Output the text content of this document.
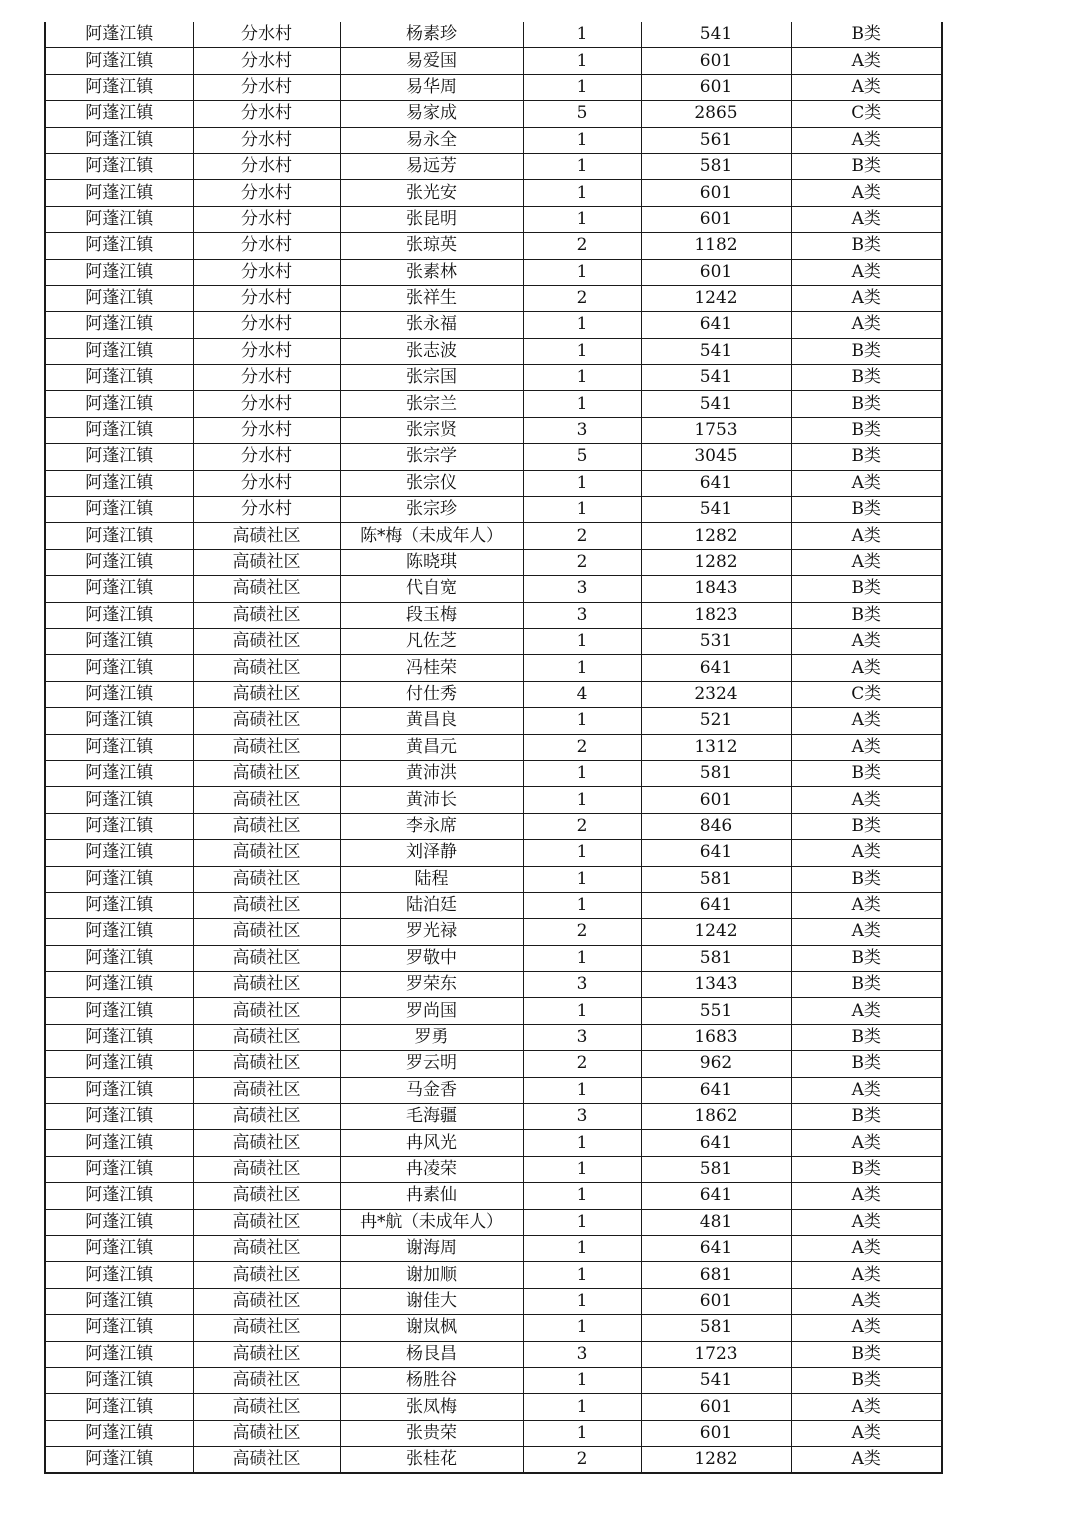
阿蓬江镇	分水村	杨素珍	1	541	B类
阿蓬江镇	分水村	易爱国	1	601	A类
阿蓬江镇	分水村	易华周	1	601	A类
阿蓬江镇	分水村	易家成	5	2865	C类
阿蓬江镇	分水村	易永全	1	561	A类
阿蓬江镇	分水村	易远芳	1	581	B类
阿蓬江镇	分水村	张光安	1	601	A类
阿蓬江镇	分水村	张昆明	1	601	A类
阿蓬江镇	分水村	张琼英	2	1182	B类
阿蓬江镇	分水村	张素林	1	601	A类
阿蓬江镇	分水村	张祥生	2	1242	A类
阿蓬江镇	分水村	张永福	1	641	A类
阿蓬江镇	分水村	张志波	1	541	B类
阿蓬江镇	分水村	张宗国	1	541	B类
阿蓬江镇	分水村	张宗兰	1	541	B类
阿蓬江镇	分水村	张宗贤	3	1753	B类
阿蓬江镇	分水村	张宗学	5	3045	B类
阿蓬江镇	分水村	张宗仪	1	641	A类
阿蓬江镇	分水村	张宗珍	1	541	B类
阿蓬江镇	高碛社区	陈*梅（未成年人）	2	1282	A类
阿蓬江镇	高碛社区	陈晓琪	2	1282	A类
阿蓬江镇	高碛社区	代自宽	3	1843	B类
阿蓬江镇	高碛社区	段玉梅	3	1823	B类
阿蓬江镇	高碛社区	凡佐芝	1	531	A类
阿蓬江镇	高碛社区	冯桂荣	1	641	A类
阿蓬江镇	高碛社区	付仕秀	4	2324	C类
阿蓬江镇	高碛社区	黄昌良	1	521	A类
阿蓬江镇	高碛社区	黄昌元	2	1312	A类
阿蓬江镇	高碛社区	黄沛洪	1	581	B类
阿蓬江镇	高碛社区	黄沛长	1	601	A类
阿蓬江镇	高碛社区	李永席	2	846	B类
阿蓬江镇	高碛社区	刘泽静	1	641	A类
阿蓬江镇	高碛社区	陆程	1	581	B类
阿蓬江镇	高碛社区	陆泊廷	1	641	A类
阿蓬江镇	高碛社区	罗光禄	2	1242	A类
阿蓬江镇	高碛社区	罗敬中	1	581	B类
阿蓬江镇	高碛社区	罗荣东	3	1343	B类
阿蓬江镇	高碛社区	罗尚国	1	551	A类
阿蓬江镇	高碛社区	罗勇	3	1683	B类
阿蓬江镇	高碛社区	罗云明	2	962	B类
阿蓬江镇	高碛社区	马金香	1	641	A类
阿蓬江镇	高碛社区	毛海疆	3	1862	B类
阿蓬江镇	高碛社区	冉风光	1	641	A类
阿蓬江镇	高碛社区	冉凌荣	1	581	B类
阿蓬江镇	高碛社区	冉素仙	1	641	A类
阿蓬江镇	高碛社区	冉*航（未成年人）	1	481	A类
阿蓬江镇	高碛社区	谢海周	1	641	A类
阿蓬江镇	高碛社区	谢加顺	1	681	A类
阿蓬江镇	高碛社区	谢佳大	1	601	A类
阿蓬江镇	高碛社区	谢岚枫	1	581	A类
阿蓬江镇	高碛社区	杨艮昌	3	1723	B类
阿蓬江镇	高碛社区	杨胜谷	1	541	B类
阿蓬江镇	高碛社区	张凤梅	1	601	A类
阿蓬江镇	高碛社区	张贵荣	1	601	A类
阿蓬江镇	高碛社区	张桂花	2	1282	A类
